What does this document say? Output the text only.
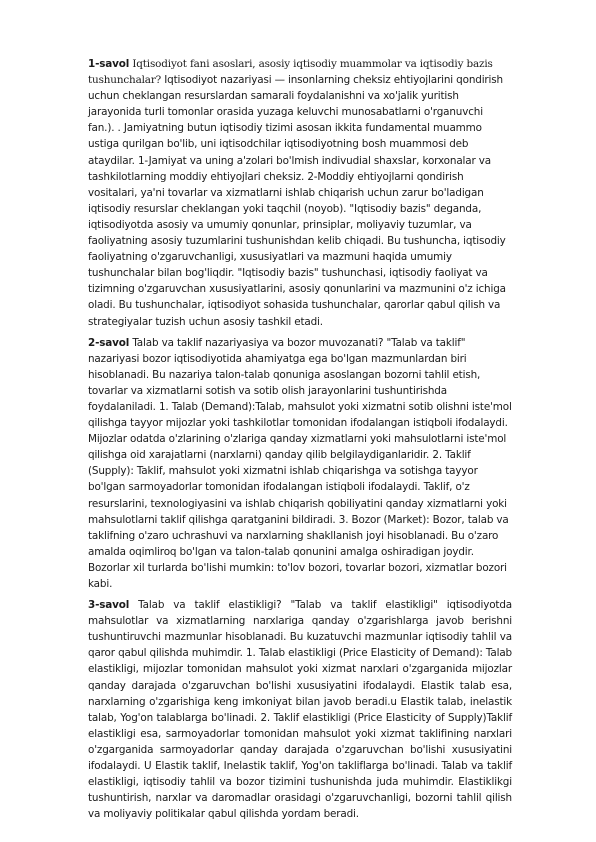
1-savol Iqtisodiyot fani asoslari, asosiy iqtisodiy muammolar va iqtisodiy bazis tushunchalar? Iqtisodiyot nazariyasi — insonlarning cheksiz ehtiyojlarini qondirish uchun cheklangan resurslardan samarali foydalanishni va xo'jalik yuritish jarayonida turli tomonlar orasida yuzaga keluvchi munosabatlarni o'rganuvchi fan.). . Jamiyatning butun iqtisodiy tizimi asosan ikkita fundamental muammo ustiga qurilgan bo'lib, uni iqtisodchilar iqtisodiyotning bosh muammosi deb ataydilar. 1-Jamiyat va uning a'zolari bo'lmish indivudial shaxslar, korxonalar va tashkilotlarning moddiy ehtiyojlari cheksiz. 2-Moddiy ehtiyojlarni qondirish vositalari, ya'ni tovarlar va xizmatlarni ishlab chiqarish uchun zarur bo'ladigan iqtisodiy resurslar cheklangan yoki taqchil (noyob). "Iqtisodiy bazis" deganda, iqtisodiyotda asosiy va umumiy qonunlar, prinsiplar, moliyaviy tuzumlar, va faoliyatning asosiy tuzumlarini tushunishdan kelib chiqadi. Bu tushuncha, iqtisodiy faoliyatning o'zgaruvchanligi, xususiyatlari va mazmuni haqida umumiy tushunchalar bilan bog'liqdir. "Iqtisodiy bazis" tushunchasi, iqtisodiy faoliyat va tizimning o'zgaruvchan xususiyatlarini, asosiy qonunlarini va mazmunini o'z ichiga oladi. Bu tushunchalar, iqtisodiyot sohasida tushunchalar, qarorlar qabul qilish va strategiyalar tuzish uchun asosiy tashkil etadi.

2-savol Talab va taklif nazariyasiya va bozor muvozanati? "Talab va taklif" nazariyasi bozor iqtisodiyotida ahamiyatga ega bo'lgan mazmunlardan biri hisoblanadi. Bu nazariya talon-talab qonuniga asoslangan bozorni tahlil etish, tovarlar va xizmatlarni sotish va sotib olish jarayonlarini tushuntirishda foydalaniladi. 1. Talab (Demand):Talab, mahsulot yoki xizmatni sotib olishni iste'mol qilishga tayyor mijozlar yoki tashkilotlar tomonidan ifodalangan istiqboli ifodalaydi. Mijozlar odatda o'zlarining o'zlariga qanday xizmatlarni yoki mahsulotlarni iste'mol qilishga oid xarajatlarni (narxlarni) qanday qilib belgilaydiganlaridir. 2. Taklif (Supply): Taklif, mahsulot yoki xizmatni ishlab chiqarishga va sotishga tayyor bo'lgan sarmoyadorlar tomonidan ifodalangan istiqboli ifodalaydi. Taklif, o'z resurslarini, texnologiyasini va ishlab chiqarish qobiliyatini qanday xizmatlarni yoki mahsulotlarni taklif qilishga qaratganini bildiradi. 3. Bozor (Market): Bozor, talab va taklifning o'zaro uchrashuvi va narxlarning shakllanish joyi hisoblanadi. Bu o'zaro amalda oqimliroq bo'lgan va talon-talab qonunini amalga oshiradigan joydir. Bozorlar xil turlarda bo'lishi mumkin: to'lov bozori, tovarlar bozori, xizmatlar bozori kabi.

3-savol Talab va taklif elastikligi? "Talab va taklif elastikligi" iqtisodiyotda mahsulotlar va xizmatlarning narxlariga qanday o'zgarishlarga javob berishni tushuntiruvchi mazmunlar hisoblanadi. Bu kuzatuvchi mazmunlar iqtisodiy tahlil va qaror qabul qilishda muhimdir. 1. Talab elastikligi (Price Elasticity of Demand): Talab elastikligi, mijozlar tomonidan mahsulot yoki xizmat narxlari o'zgarganida mijozlar qanday darajada o'zgaruvchan bo'lishi xususiyatini ifodalaydi. Elastik talab esa, narxlarning o'zgarishiga keng imkoniyat bilan javob beradi.u Elastik talab, inelastik talab, Yog'on talablarga bo'linadi. 2. Taklif elastikligi (Price Elasticity of Supply)Taklif elastikligi esa, sarmoyadorlar tomonidan mahsulot yoki xizmat taklifining narxlari o'zgarganida sarmoyadorlar qanday darajada o'zgaruvchan bo'lishi xususiyatini ifodalaydi. U Elastik taklif, Inelastik taklif, Yog'on takliflarga bo'linadi. Talab va taklif elastikligi, iqtisodiy tahlil va bozor tizimini tushunishda juda muhimdir. Elastiklikgi tushuntirish, narxlar va daromadlar orasidagi o'zgaruvchanligi, bozorni tahlil qilish va moliyaviy politikalar qabul qilishda yordam beradi.
